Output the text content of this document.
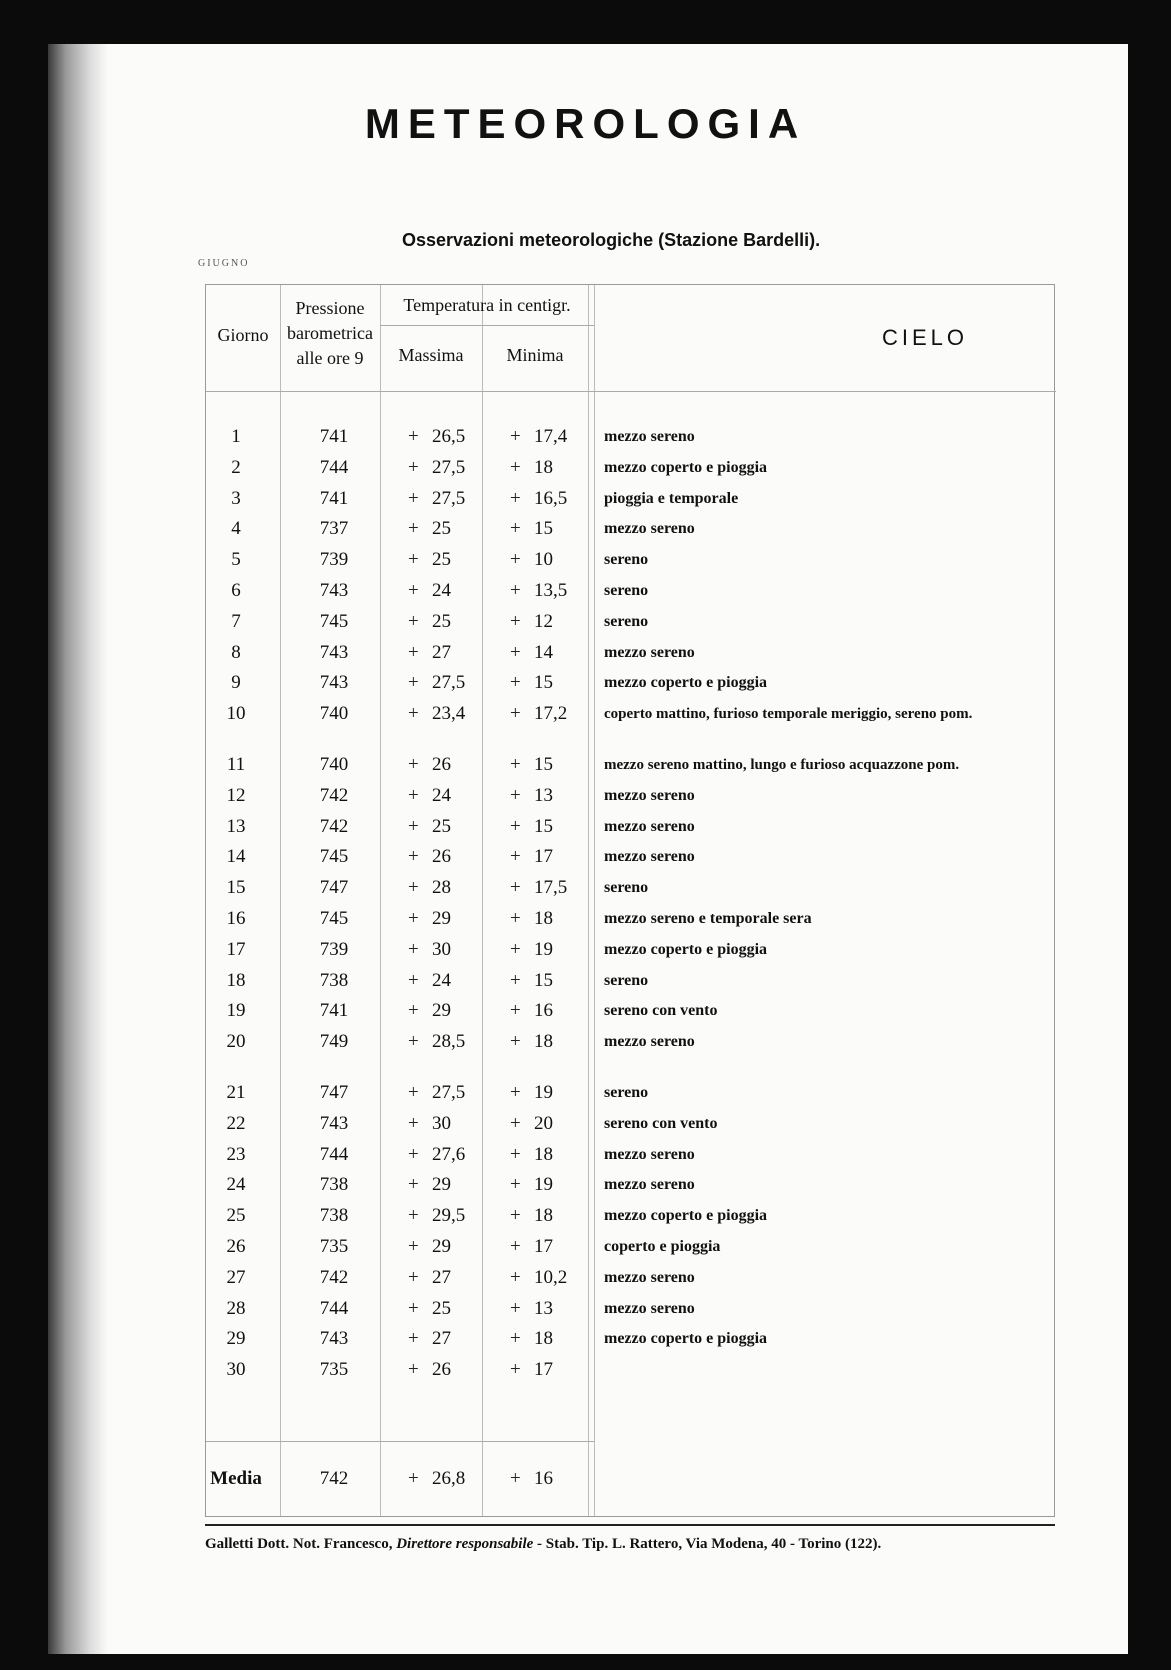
METEOROLOGIA
Osservazioni meteorologiche (Stazione Bardelli).
GIUGNO
Giorno
Pressione
barometrica
alle ore 9
Temperatura in centigr.
Massima	Minima
CIELO
1	741	+ 26,5	+ 17,4	mezzo sereno
2	744	+ 27,5	+ 18	mezzo coperto e pioggia
3	741	+ 27,5	+ 16,5	pioggia e temporale
4	737	+ 25	+ 15	mezzo sereno
5	739	+ 25	+ 10	sereno
6	743	+ 24	+ 13,5	sereno
7	745	+ 25	+ 12	sereno
8	743	+ 27	+ 14	mezzo sereno
9	743	+ 27,5	+ 15	mezzo coperto e pioggia
10	740	+ 23,4	+ 17,2	coperto mattino, furioso temporale meriggio, sereno pom.
11	740	+ 26	+ 15	mezzo sereno mattino, lungo e furioso acquazzone pom.
12	742	+ 24	+ 13	mezzo sereno
13	742	+ 25	+ 15	mezzo sereno
14	745	+ 26	+ 17	mezzo sereno
15	747	+ 28	+ 17,5	sereno
16	745	+ 29	+ 18	mezzo sereno e temporale sera
17	739	+ 30	+ 19	mezzo coperto e pioggia
18	738	+ 24	+ 15	sereno
19	741	+ 29	+ 16	sereno con vento
20	749	+ 28,5	+ 18	mezzo sereno
21	747	+ 27,5	+ 19	sereno
22	743	+ 30	+ 20	sereno con vento
23	744	+ 27,6	+ 18	mezzo sereno
24	738	+ 29	+ 19	mezzo sereno
25	738	+ 29,5	+ 18	mezzo coperto e pioggia
26	735	+ 29	+ 17	coperto e pioggia
27	742	+ 27	+ 10,2	mezzo sereno
28	744	+ 25	+ 13	mezzo sereno
29	743	+ 27	+ 18	mezzo coperto e pioggia
30	735	+ 26	+ 17
Media	742	+ 26,8	+ 16
Galletti Dott. Not. Francesco, Direttore responsabile - Stab. Tip. L. Rattero, Via Modena, 40 - Torino (122).
